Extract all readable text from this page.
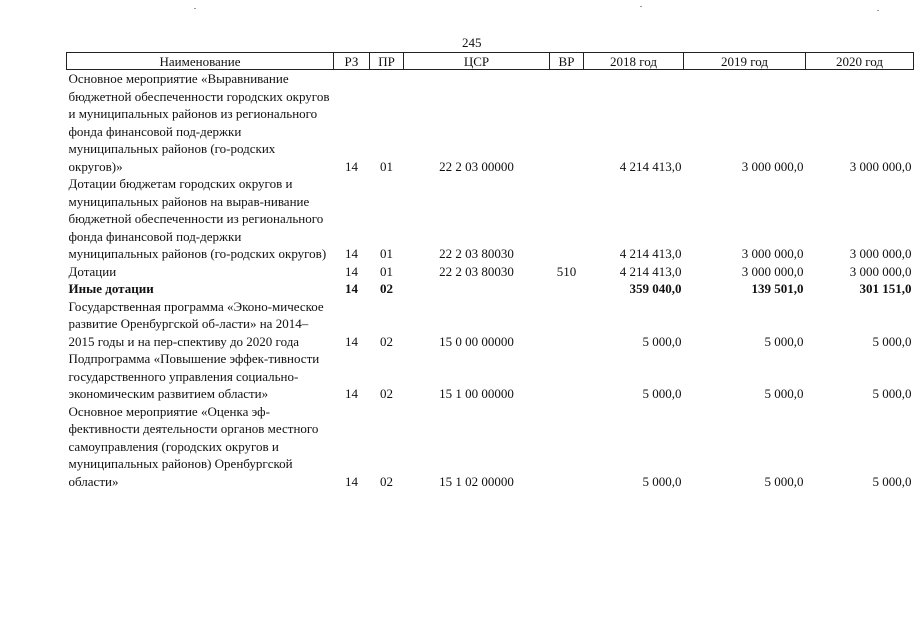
245
Наименование	РЗ	ПР	ЦСР	ВР	2018 год	2019 год	2020 год
Основное мероприятие «Выравнивание бюджетной обеспеченности городских округов и муниципальных районов из регионального фонда финансовой под-держки муниципальных районов (го-родских округов)»	14	01	22 2 03 00000		4 214 413,0	3 000 000,0	3 000 000,0
Дотации бюджетам городских округов и муниципальных районов на вырав-нивание бюджетной обеспеченности из регионального фонда финансовой под-держки муниципальных районов (го-родских округов)	14	01	22 2 03 80030		4 214 413,0	3 000 000,0	3 000 000,0
Дотации	14	01	22 2 03 80030	510	4 214 413,0	3 000 000,0	3 000 000,0
Иные дотации	14	02			359 040,0	139 501,0	301 151,0
Государственная программа «Эконо-мическое развитие Оренбургской об-ласти» на 2014–2015 годы и на пер-спективу до 2020 года	14	02	15 0 00 00000		5 000,0	5 000,0	5 000,0
Подпрограмма «Повышение эффек-тивности государственного управления социально-экономическим развитием области»	14	02	15 1 00 00000		5 000,0	5 000,0	5 000,0
Основное мероприятие «Оценка эф-фективности деятельности органов местного самоуправления (городских округов и муниципальных районов) Оренбургской области»	14	02	15 1 02 00000		5 000,0	5 000,0	5 000,0
